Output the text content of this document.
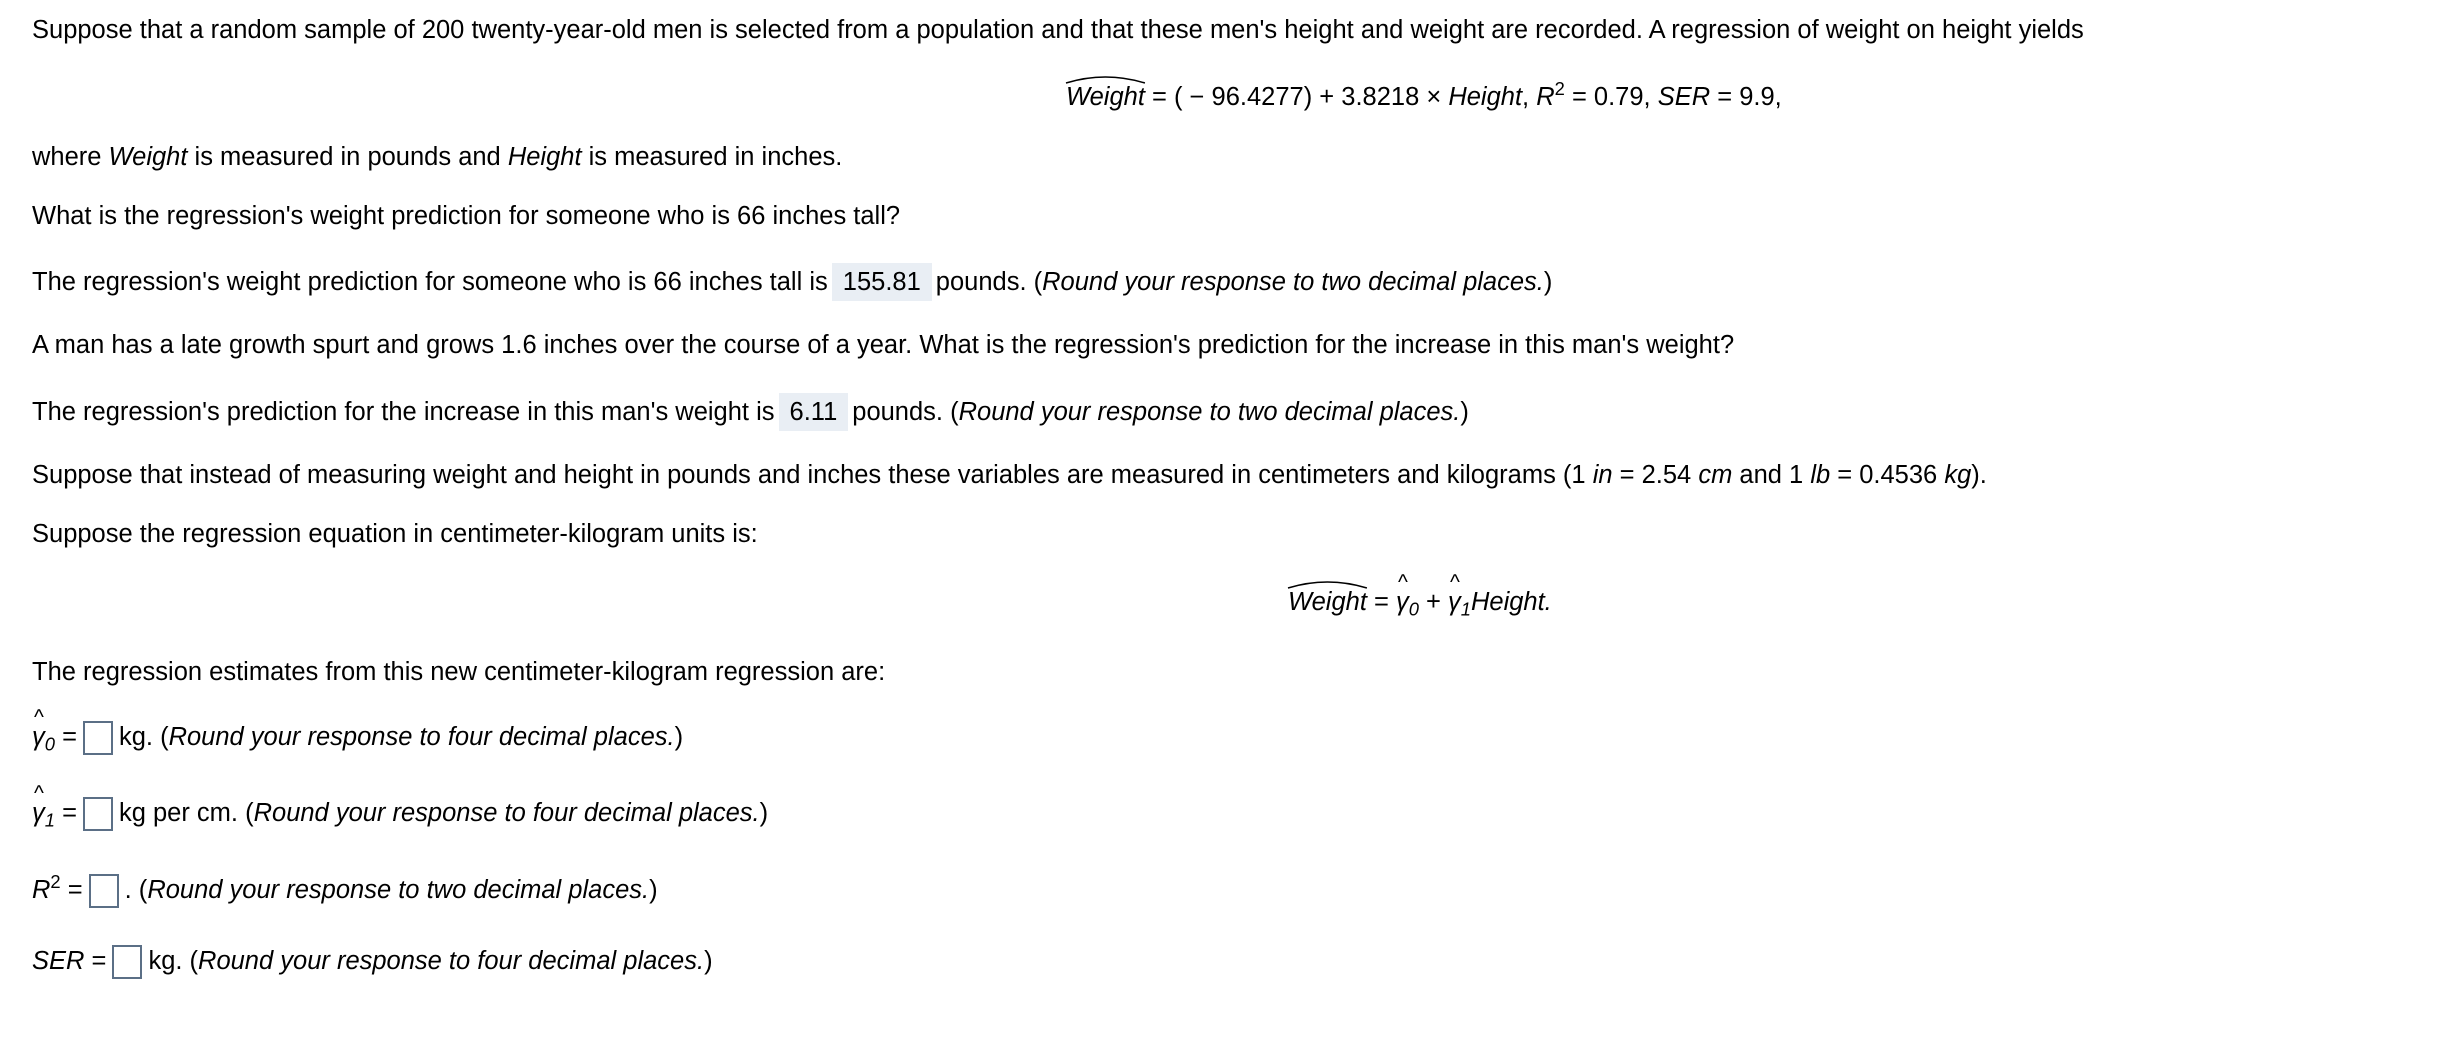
Suppose that a random sample of 200 twenty-year-old men is selected from a population and that these men's height and weight are recorded. A regression of weight on height yields
Weight = ( − 96.4277) + 3.8218 × Height, $R^2 = 0.79$, SER = 9.9,
where Weight is measured in pounds and Height is measured in inches.
What is the regression's weight prediction for someone who is 66 inches tall?
The regression's weight prediction for someone who is 66 inches tall is 155.81 pounds. (Round your response to two decimal places.)
A man has a late growth spurt and grows 1.6 inches over the course of a year. What is the regression's prediction for the increase in this man's weight?
The regression's prediction for the increase in this man's weight is 6.11 pounds. (Round your response to two decimal places.)
Suppose that instead of measuring weight and height in pounds and inches these variables are measured in centimeters and kilograms (1 in = 2.54 cm and 1 lb = 0.4536 kg).
Suppose the regression equation in centimeter-kilogram units is:
Weight =
^
$\gamma_0$ +
^
$\gamma_1Height$.
The regression estimates from this new centimeter-kilogram regression are:
^
$\gamma_0$ = kg. (Round your response to four decimal places.)
^
$\gamma_1$ = kg per cm. (Round your response to four decimal places.)
$R^2$ = . (Round your response to two decimal places.)
SER = kg. (Round your response to four decimal places.)
